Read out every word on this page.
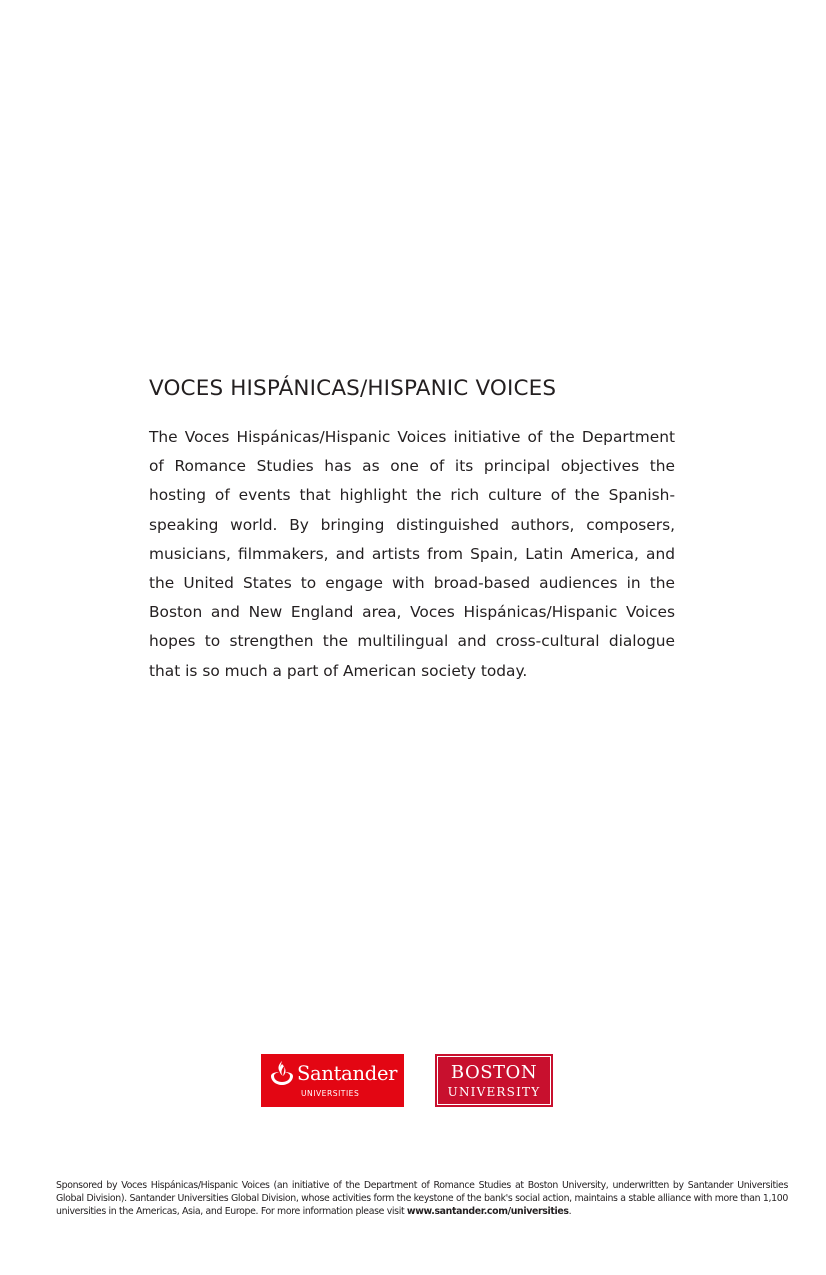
VOCES HISPÁNICAS/HISPANIC VOICES

The Voces Hispánicas/Hispanic Voices initiative of the Department of Romance Studies has as one of its principal objectives the hosting of events that highlight the rich culture of the Spanish-speaking world. By bringing distinguished authors, composers, musicians, filmmakers, and artists from Spain, Latin America, and the United States to engage with broad-based audiences in the Boston and New England area, Voces Hispánicas/Hispanic Voices hopes to strengthen the multilingual and cross-cultural dialogue that is so much a part of American society today.

Santander
UNIVERSITIES
BOSTON
UNIVERSITY

Sponsored by Voces Hispánicas/Hispanic Voices (an initiative of the Department of Romance Studies at Boston University, underwritten by Santander Universities Global Division). Santander Universities Global Division, whose activities form the keystone of the bank's social action, maintains a stable alliance with more than 1,100 universities in the Americas, Asia, and Europe. For more information please visit www.santander.com/universities.
